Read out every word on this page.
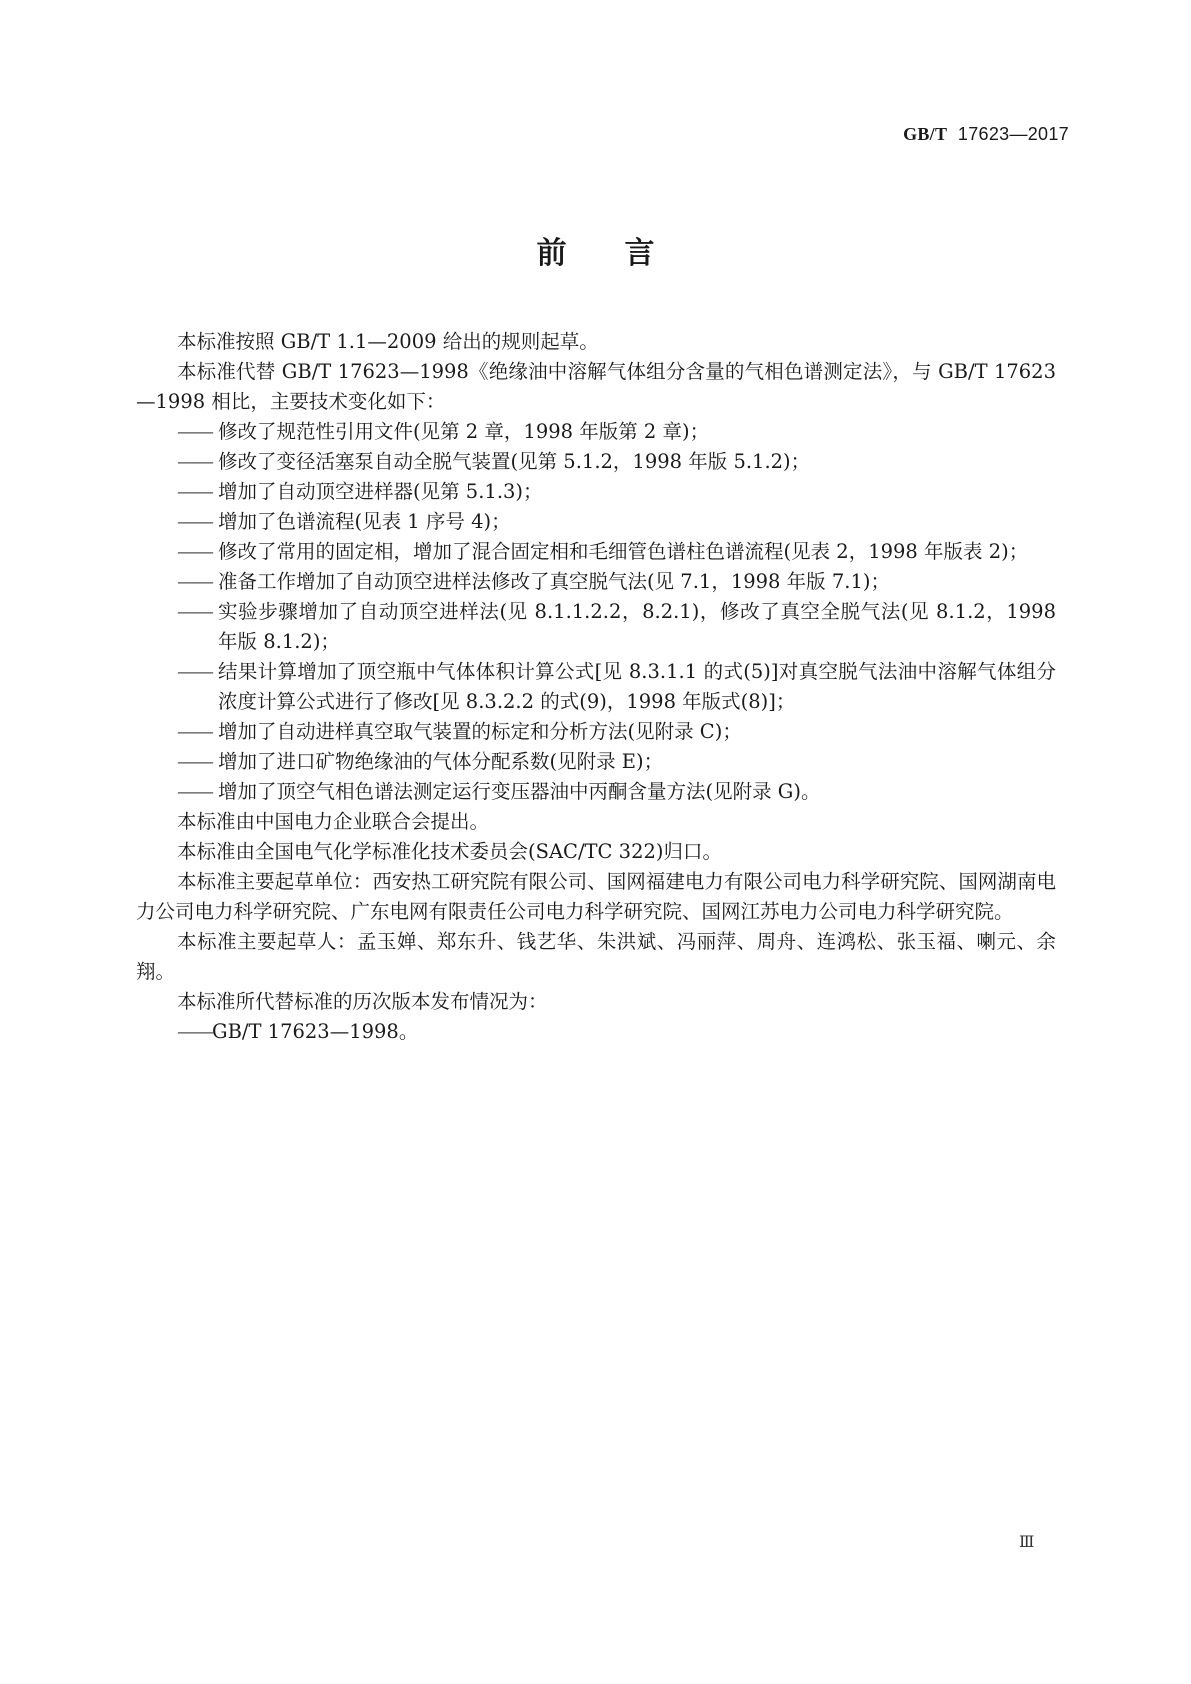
GB/T 17623—2017
前 言

本标准按照 GB/T 1.1—2009 给出的规则起草。

本标准代替 GB/T 17623—1998《绝缘油中溶解气体组分含量的气相色谱测定法》，与 GB/T 17623—1998 相比，主要技术变化如下：

—— 修改了规范性引用文件(见第 2 章，1998 年版第 2 章)；

—— 修改了变径活塞泵自动全脱气装置(见第 5.1.2，1998 年版 5.1.2)；

—— 增加了自动顶空进样器(见第 5.1.3)；

—— 增加了色谱流程(见表 1 序号 4)；

—— 修改了常用的固定相，增加了混合固定相和毛细管色谱柱色谱流程(见表 2，1998 年版表 2)；

—— 准备工作增加了自动顶空进样法修改了真空脱气法(见 7.1，1998 年版 7.1)；

—— 实验步骤增加了自动顶空进样法(见 8.1.1.2.2，8.2.1)，修改了真空全脱气法(见 8.1.2，1998 年版 8.1.2)；

—— 结果计算增加了顶空瓶中气体体积计算公式[见 8.3.1.1 的式(5)]对真空脱气法油中溶解气体组分浓度计算公式进行了修改[见 8.3.2.2 的式(9)，1998 年版式(8)]；

—— 增加了自动进样真空取气装置的标定和分析方法(见附录 C)；

—— 增加了进口矿物绝缘油的气体分配系数(见附录 E)；

—— 增加了顶空气相色谱法测定运行变压器油中丙酮含量方法(见附录 G)。

本标准由中国电力企业联合会提出。

本标准由全国电气化学标准化技术委员会(SAC/TC 322)归口。

本标准主要起草单位：西安热工研究院有限公司、国网福建电力有限公司电力科学研究院、国网湖南电力公司电力科学研究院、广东电网有限责任公司电力科学研究院、国网江苏电力公司电力科学研究院。

本标准主要起草人：孟玉婵、郑东升、钱艺华、朱洪斌、冯丽萍、周舟、连鸿松、张玉福、喇元、余翔。

本标准所代替标准的历次版本发布情况为：

——GB/T 17623—1998。

Ⅲ
